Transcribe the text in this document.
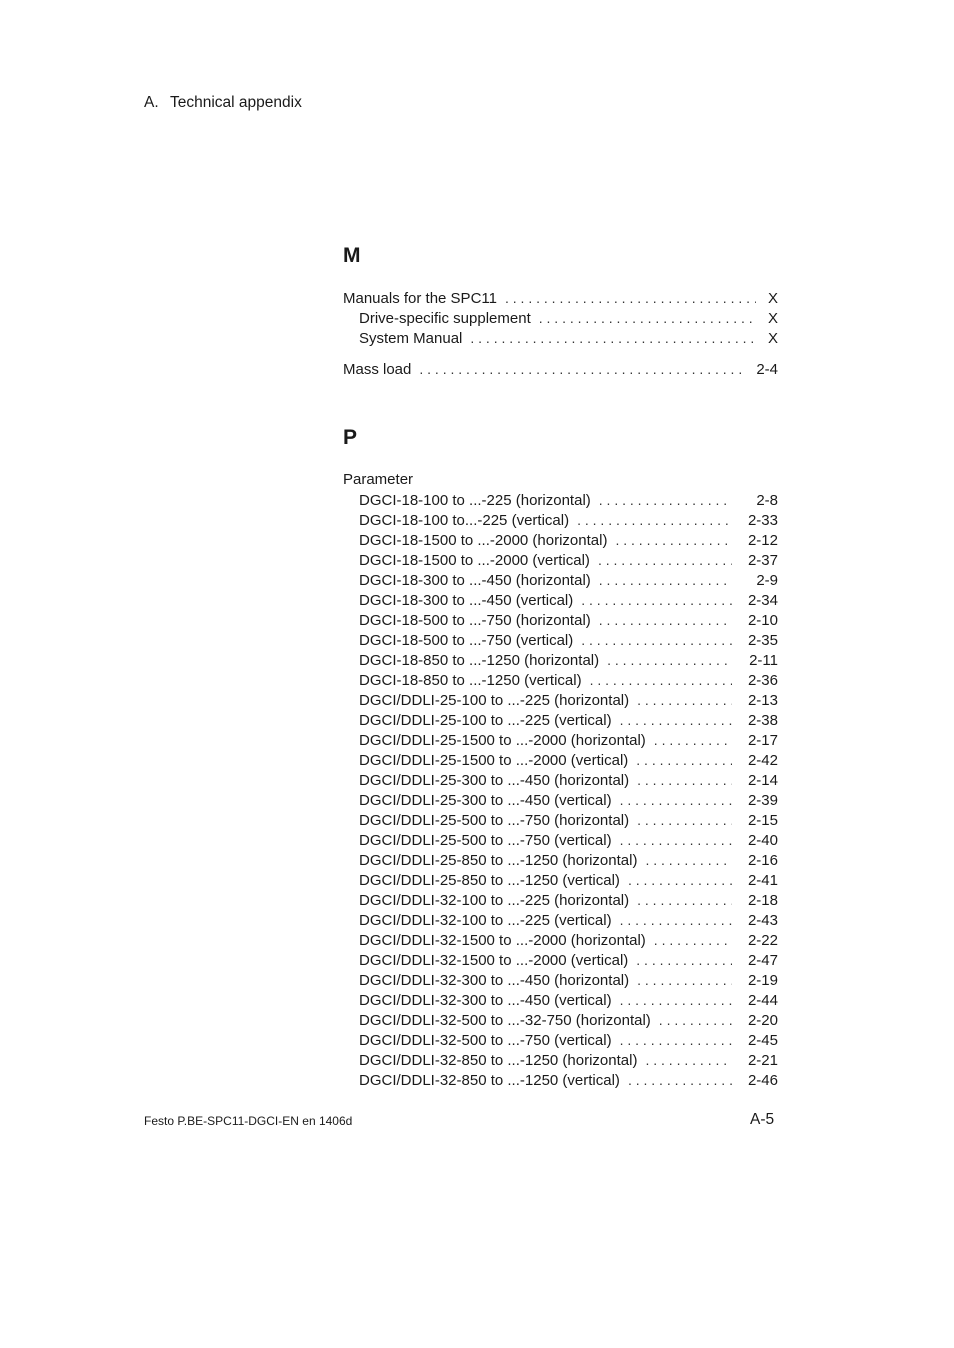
A. Technical appendix
M
Manuals for the SPC11 . . .	X
Drive-specific supplement . . .	X
System Manual . . .	X
Mass load . . .	2-4
P
Parameter
DGCI-18-100 to ...-225 (horizontal) . . .	2-8
DGCI-18-100 to...-225 (vertical) . . .	2-33
DGCI-18-1500 to ...-2000 (horizontal) . . .	2-12
DGCI-18-1500 to ...-2000 (vertical) . . .	2-37
DGCI-18-300 to ...-450 (horizontal) . . .	2-9
DGCI-18-300 to ...-450 (vertical) . . .	2-34
DGCI-18-500 to ...-750 (horizontal) . . .	2-10
DGCI-18-500 to ...-750 (vertical) . . .	2-35
DGCI-18-850 to ...-1250 (horizontal) . . .	2-11
DGCI-18-850 to ...-1250 (vertical) . . .	2-36
DGCI/DDLI-25-100 to ...-225 (horizontal) . . .	2-13
DGCI/DDLI-25-100 to ...-225 (vertical) . . .	2-38
DGCI/DDLI-25-1500 to ...-2000 (horizontal) . . .	2-17
DGCI/DDLI-25-1500 to ...-2000 (vertical) . . .	2-42
DGCI/DDLI-25-300 to ...-450 (horizontal) . . .	2-14
DGCI/DDLI-25-300 to ...-450 (vertical) . . .	2-39
DGCI/DDLI-25-500 to ...-750 (horizontal) . . .	2-15
DGCI/DDLI-25-500 to ...-750 (vertical) . . .	2-40
DGCI/DDLI-25-850 to ...-1250 (horizontal) . . .	2-16
DGCI/DDLI-25-850 to ...-1250 (vertical) . . .	2-41
DGCI/DDLI-32-100 to ...-225 (horizontal) . . .	2-18
DGCI/DDLI-32-100 to ...-225 (vertical) . . .	2-43
DGCI/DDLI-32-1500 to ...-2000 (horizontal) . . .	2-22
DGCI/DDLI-32-1500 to ...-2000 (vertical) . . .	2-47
DGCI/DDLI-32-300 to ...-450 (horizontal) . . .	2-19
DGCI/DDLI-32-300 to ...-450 (vertical) . . .	2-44
DGCI/DDLI-32-500 to ...-32-750 (horizontal) . . .	2-20
DGCI/DDLI-32-500 to ...-750 (vertical) . . .	2-45
DGCI/DDLI-32-850 to ...-1250 (horizontal) . . .	2-21
DGCI/DDLI-32-850 to ...-1250 (vertical) . . .	2-46
Festo P.BE-SPC11-DGCI-EN en 1406d	A-5
